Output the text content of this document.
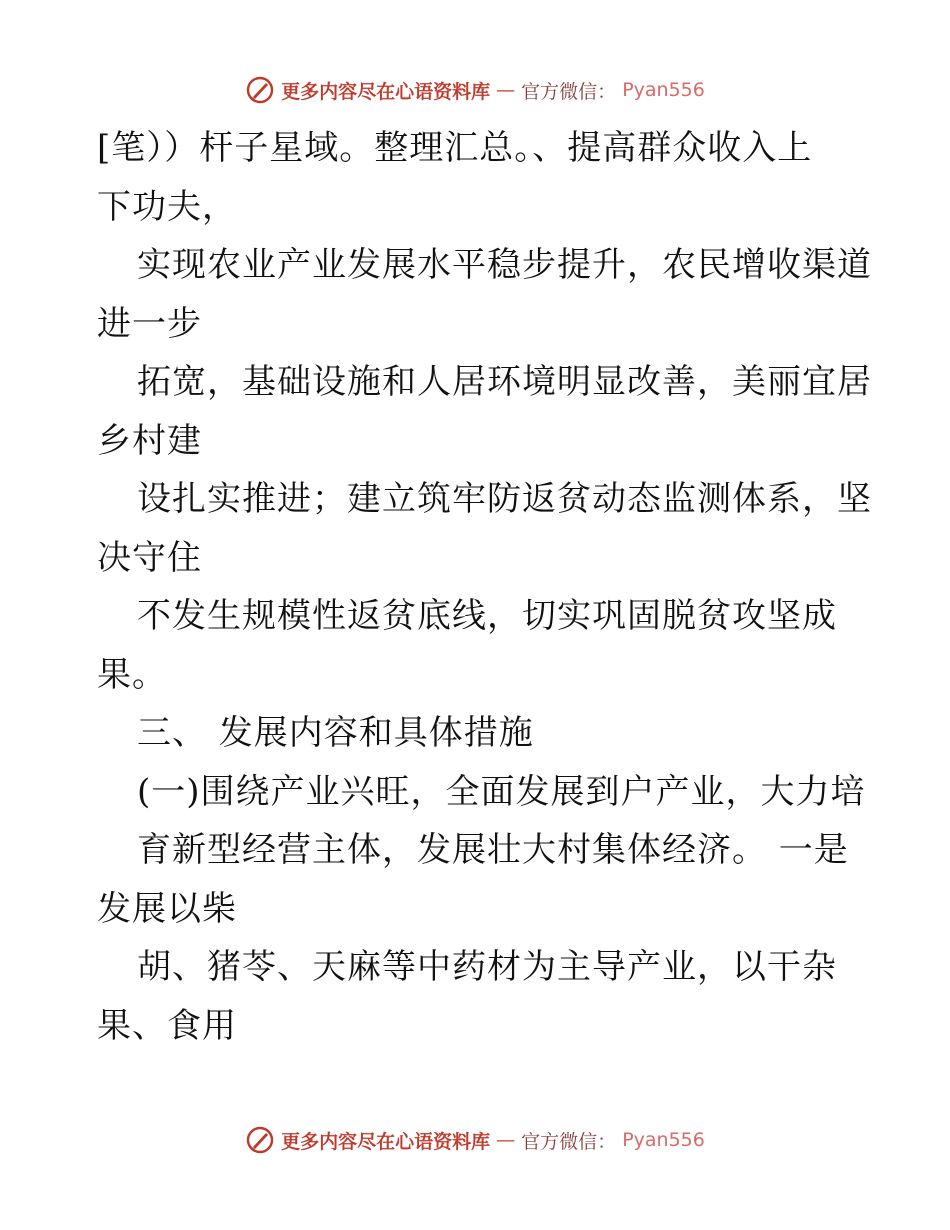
更多内容尽在心语资料库 — 官方微信： Pyan556
[笔））杆子星域。整理汇总。、提高群众收入上
下功夫，
实现农业产业发展水平稳步提升，农民增收渠道
进一步
拓宽，基础设施和人居环境明显改善，美丽宜居
乡村建
设扎实推进；建立筑牢防返贫动态监测体系，坚
决守住
不发生规模性返贫底线，切实巩固脱贫攻坚成
果。
三、 发展内容和具体措施
(一)围绕产业兴旺，全面发展到户产业，大力培
育新型经营主体，发展壮大村集体经济。 一是
发展以柴
胡、猪苓、天麻等中药材为主导产业，以干杂
果、食用
更多内容尽在心语资料库 — 官方微信： Pyan556
